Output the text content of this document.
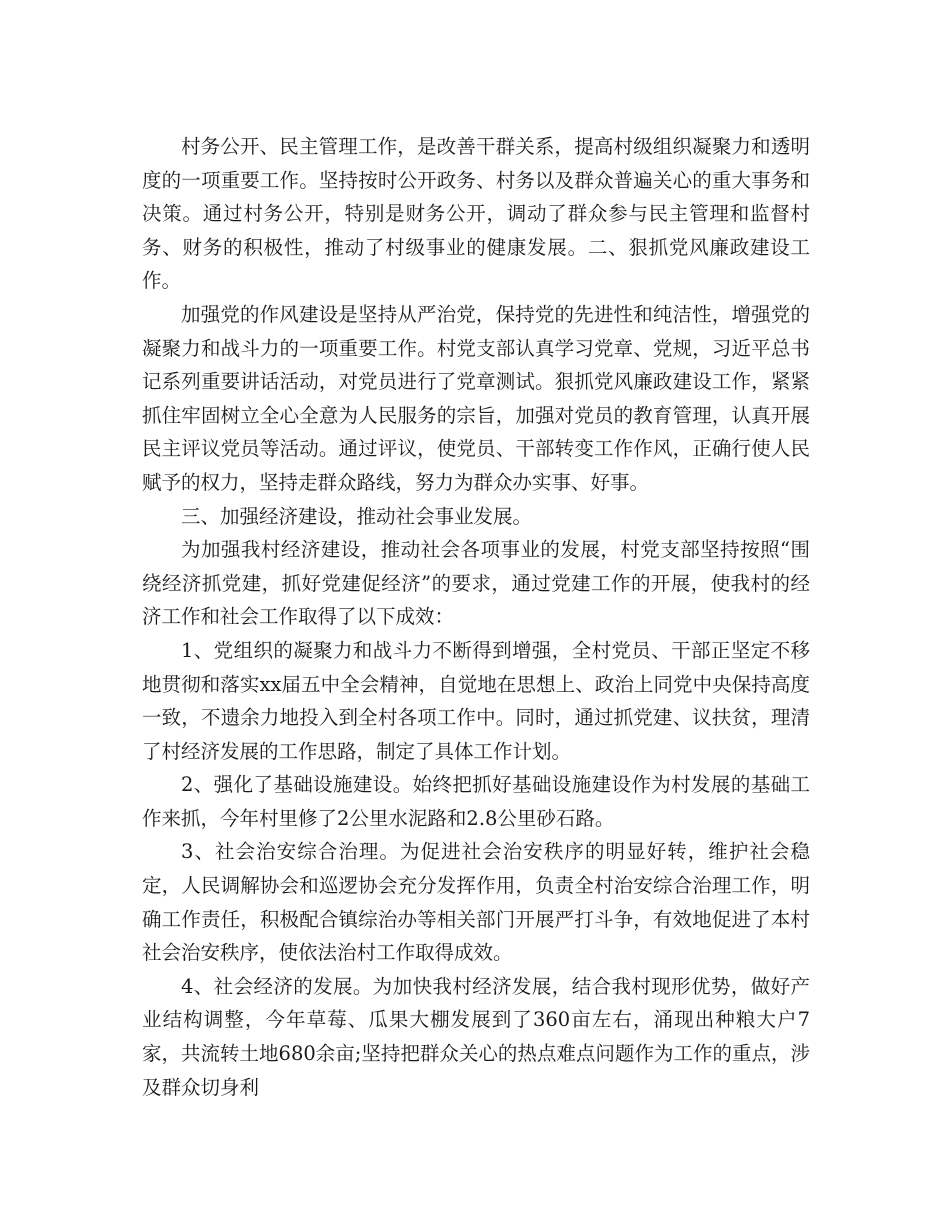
村务公开、民主管理工作，是改善干群关系，提高村级组织凝聚力和透明度的一项重要工作。坚持按时公开政务、村务以及群众普遍关心的重大事务和决策。通过村务公开，特别是财务公开，调动了群众参与民主管理和监督村务、财务的积极性，推动了村级事业的健康发展。二、狠抓党风廉政建设工作。

加强党的作风建设是坚持从严治党，保持党的先进性和纯洁性，增强党的凝聚力和战斗力的一项重要工作。村党支部认真学习党章、党规，习近平总书记系列重要讲话活动，对党员进行了党章测试。狠抓党风廉政建设工作，紧紧抓住牢固树立全心全意为人民服务的宗旨，加强对党员的教育管理，认真开展民主评议党员等活动。通过评议，使党员、干部转变工作作风，正确行使人民赋予的权力，坚持走群众路线，努力为群众办实事、好事。

三、加强经济建设，推动社会事业发展。

为加强我村经济建设，推动社会各项事业的发展，村党支部坚持按照“围绕经济抓党建，抓好党建促经济”的要求，通过党建工作的开展，使我村的经济工作和社会工作取得了以下成效：

1、党组织的凝聚力和战斗力不断得到增强，全村党员、干部正坚定不移地贯彻和落实xx届五中全会精神，自觉地在思想上、政治上同党中央保持高度一致，不遗余力地投入到全村各项工作中。同时，通过抓党建、议扶贫，理清了村经济发展的工作思路，制定了具体工作计划。

2、强化了基础设施建设。始终把抓好基础设施建设作为村发展的基础工作来抓，今年村里修了2公里水泥路和2.8公里砂石路。

3、社会治安综合治理。为促进社会治安秩序的明显好转，维护社会稳定，人民调解协会和巡逻协会充分发挥作用，负责全村治安综合治理工作，明确工作责任，积极配合镇综治办等相关部门开展严打斗争，有效地促进了本村社会治安秩序，使依法治村工作取得成效。

4、社会经济的发展。为加快我村经济发展，结合我村现形优势，做好产业结构调整，今年草莓、瓜果大棚发展到了360亩左右，涌现出种粮大户7家，共流转土地680余亩;坚持把群众关心的热点难点问题作为工作的重点，涉及群众切身利
